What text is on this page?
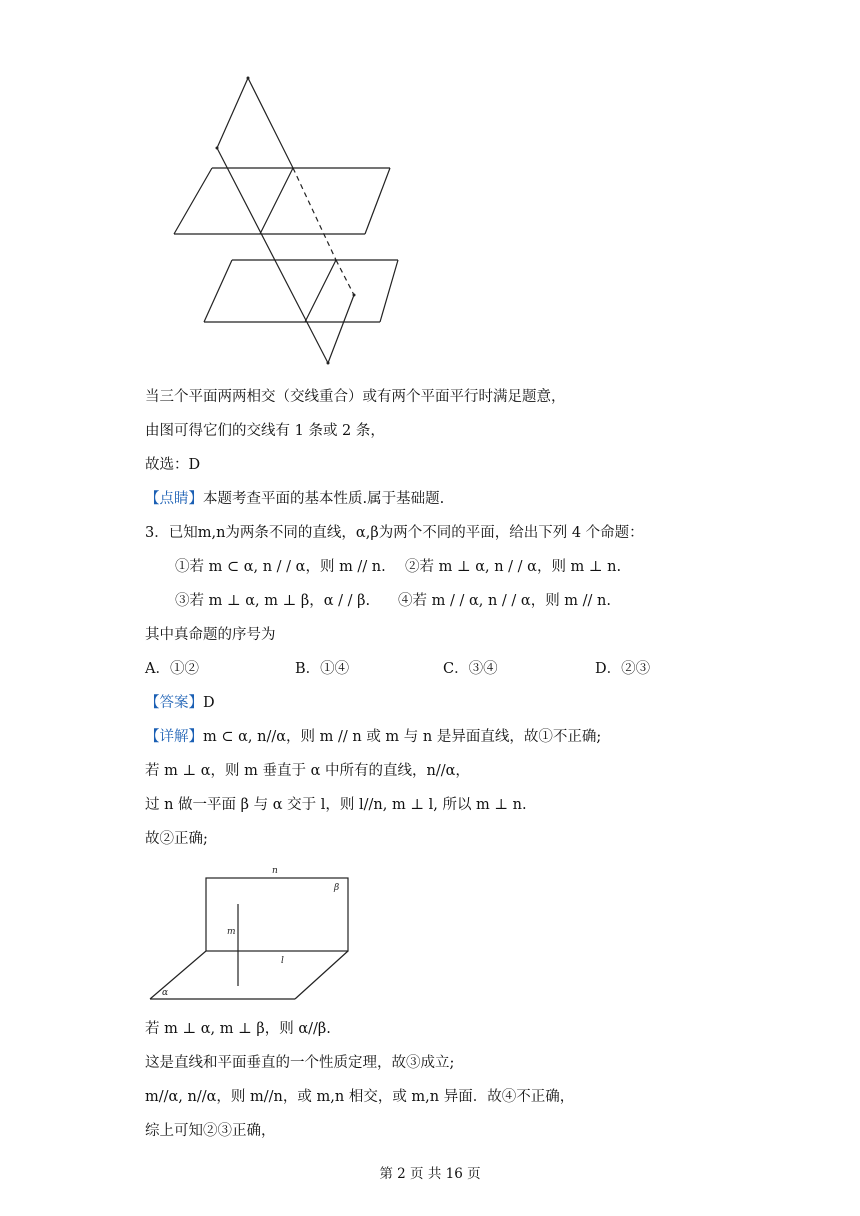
当三个平面两两相交（交线重合）或有两个平面平行时满足题意，
由图可得它们的交线有 1 条或 2 条，
故选：D
【点睛】本题考查平面的基本性质.属于基础题.
3．已知m,n为两条不同的直线，α,β为两个不同的平面，给出下列 4 个命题：
①若 m ⊂ α, n / / α，则 m // n. ②若 m ⊥ α, n / / α，则 m ⊥ n.
③若 m ⊥ α, m ⊥ β，α / / β. ④若 m / / α, n / / α，则 m // n.
其中真命题的序号为
A．①②	B．①④	C．③④	D．②③
【答案】D
【详解】m ⊂ α, n//α，则 m // n 或 m 与 n 是异面直线，故①不正确;
若 m ⊥ α，则 m 垂直于 α 中所有的直线，n//α，
过 n 做一平面 β 与 α 交于 l，则 l//n, m ⊥ l, 所以 m ⊥ n.
故②正确;
n
β
m
l
α
若 m ⊥ α, m ⊥ β，则 α//β.
这是直线和平面垂直的一个性质定理，故③成立;
m//α, n//α，则 m//n，或 m,n 相交，或 m,n 异面．故④不正确，
综上可知②③正确，
第 2 页 共 16 页
